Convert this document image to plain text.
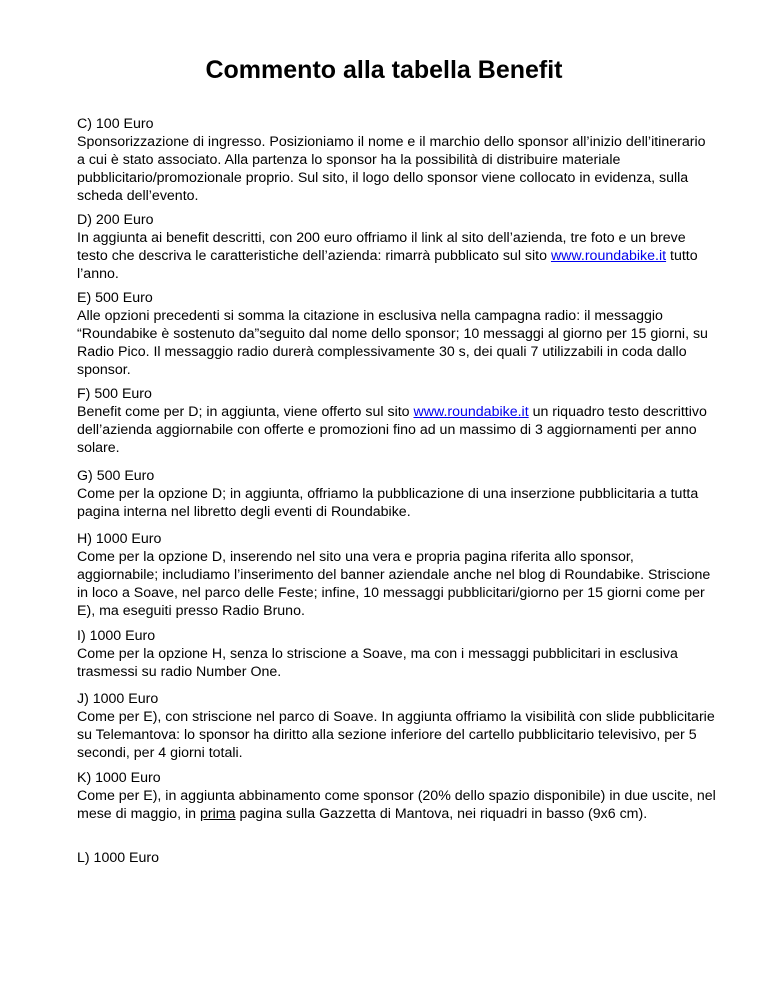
Commento alla tabella Benefit

C) 100 Euro

Sponsorizzazione di ingresso. Posizioniamo il nome e il marchio dello sponsor all’inizio dell’itinerario a cui è stato associato. Alla partenza lo sponsor ha la possibilità di distribuire materiale pubblicitario/promozionale proprio. Sul sito, il logo dello sponsor viene collocato in evidenza, sulla scheda dell’evento.

D) 200 Euro

In aggiunta ai benefit descritti, con 200 euro offriamo il link al sito dell’azienda, tre foto e un breve testo che descriva le caratteristiche dell’azienda: rimarrà pubblicato sul sito www.roundabike.it tutto l’anno.

E) 500 Euro

Alle opzioni precedenti si somma la citazione in esclusiva nella campagna radio: il messaggio “Roundabike è sostenuto da”seguito dal nome dello sponsor; 10 messaggi al giorno per 15 giorni, su Radio Pico. Il messaggio radio durerà complessivamente 30 s, dei quali 7 utilizzabili in coda dallo sponsor.

F) 500 Euro

Benefit come per D; in aggiunta, viene offerto sul sito www.roundabike.it un riquadro testo descrittivo dell’azienda aggiornabile con offerte e promozioni fino ad un massimo di 3 aggiornamenti per anno solare.

G) 500 Euro

Come per la opzione D; in aggiunta, offriamo la pubblicazione di una inserzione pubblicitaria a tutta pagina interna nel libretto degli eventi di Roundabike.

H) 1000 Euro

Come per la opzione D, inserendo nel sito una vera e propria pagina riferita allo sponsor, aggiornabile; includiamo l’inserimento del banner aziendale anche nel blog di Roundabike. Striscione in loco a Soave, nel parco delle Feste; infine, 10 messaggi pubblicitari/giorno per 15 giorni come per E), ma eseguiti presso Radio Bruno.

I) 1000 Euro

Come per la opzione H, senza lo striscione a Soave, ma con i messaggi pubblicitari in esclusiva trasmessi su radio Number One.

J) 1000 Euro

Come per E), con striscione nel parco di Soave. In aggiunta offriamo la visibilità con slide pubblicitarie su Telemantova: lo sponsor ha diritto alla sezione inferiore del cartello pubblicitario televisivo, per 5 secondi, per 4 giorni totali.

K) 1000 Euro

Come per E), in aggiunta abbinamento come sponsor (20% dello spazio disponibile) in due uscite, nel mese di maggio, in prima pagina sulla Gazzetta di Mantova, nei riquadri in basso (9x6 cm).

L) 1000 Euro
